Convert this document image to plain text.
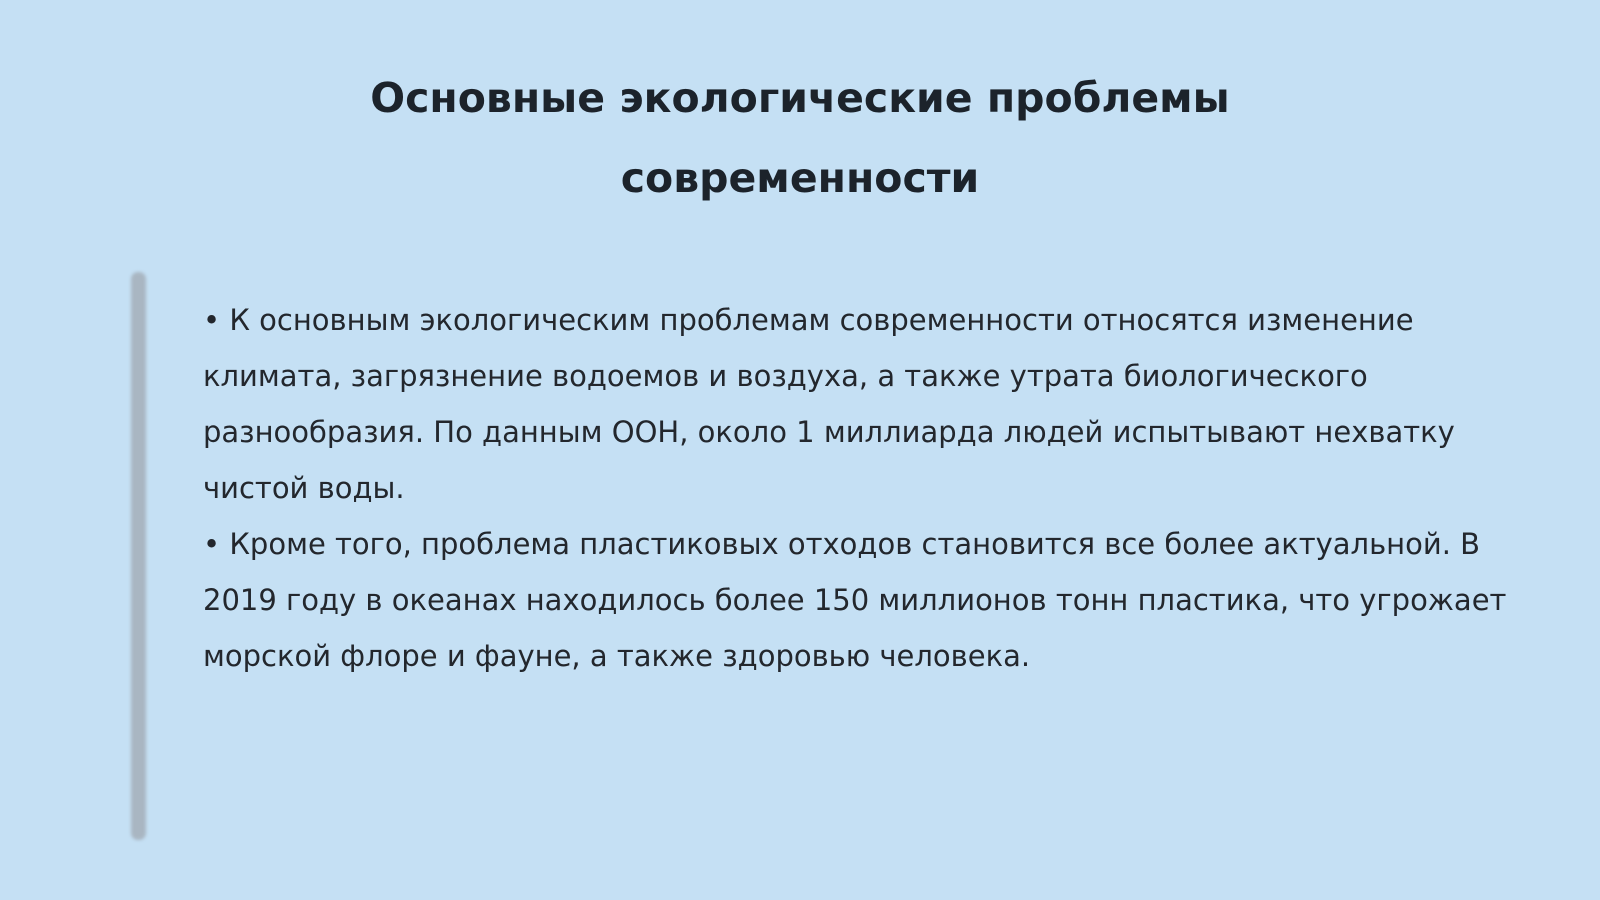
Основные экологические проблемы современности

• К основным экологическим проблемам современности относятся изменение климата, загрязнение водоемов и воздуха, а также утрата биологического разнообразия. По данным ООН, около 1 миллиарда людей испытывают нехватку чистой воды.

• Кроме того, проблема пластиковых отходов становится все более актуальной. В 2019 году в океанах находилось более 150 миллионов тонн пластика, что угрожает морской флоре и фауне, а также здоровью человека.
